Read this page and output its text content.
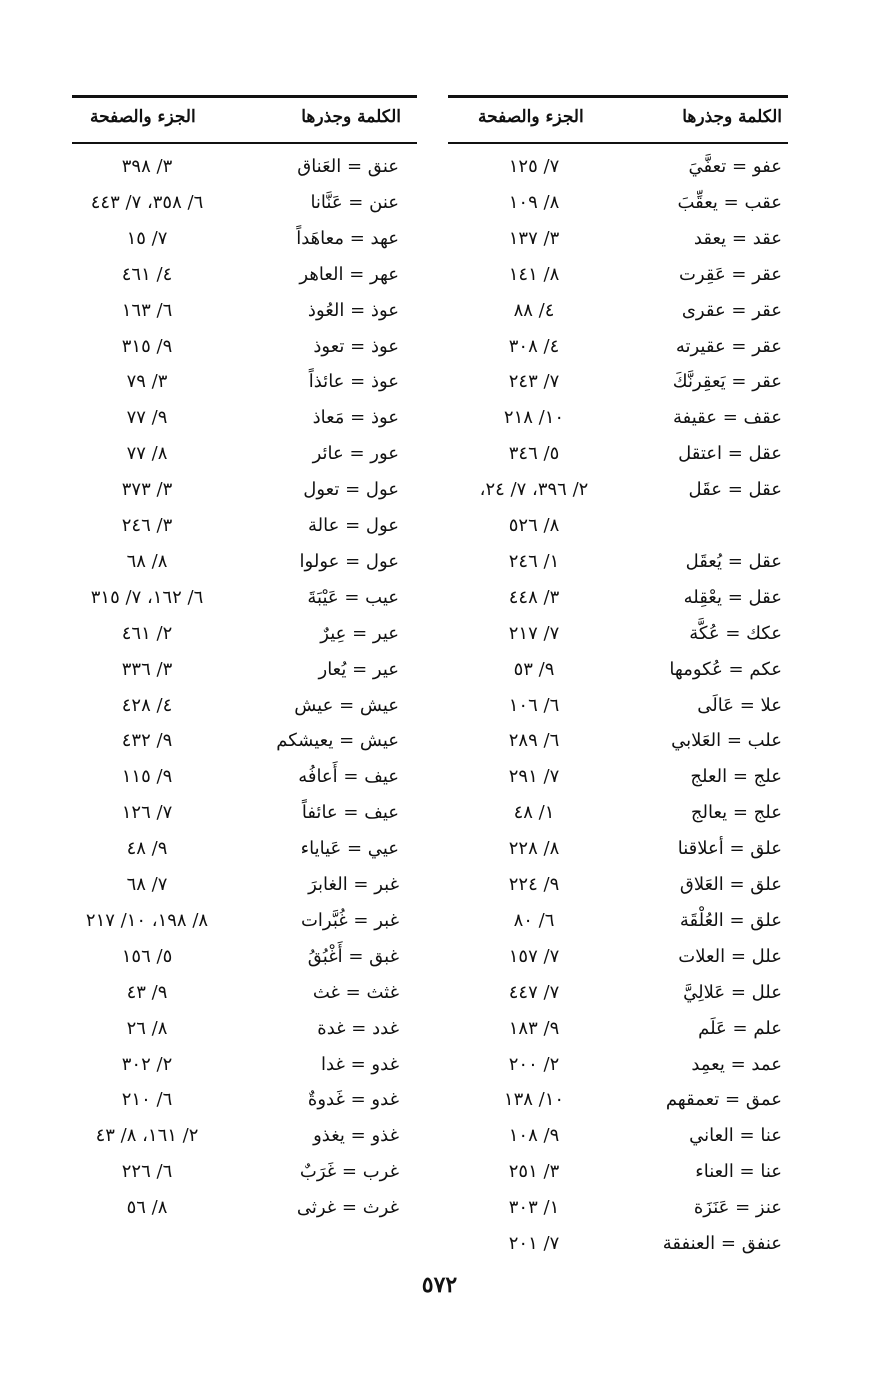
الكلمة وجذرها
الجزء والصفحة
عفو = تعفَّيَ
٧/ ١٢٥
عقب = يعقِّبَ
٨/ ١٠٩
عقد = يعقد
٣/ ١٣٧
عقر = عَقِرت
٨/ ١٤١
عقر = عقرى
٤/ ٨٨
عقر = عقيرته
٤/ ٣٠٨
عقر = يَعقِرنَّكَ
٧/ ٢٤٣
عقف = عقيفة
١٠/ ٢١٨
عقل = اعتقل
٥/ ٣٤٦
عقل = عقَل
٢/ ٣٩٦، ٧/ ٢٤،
٨/ ٥٢٦
عقل = يُعقَل
١/ ٢٤٦
عقل = يعْقِله
٣/ ٤٤٨
عكك = عُكَّة
٧/ ٢١٧
عكم = عُكومها
٩/ ٥٣
علا = عَالَى
٦/ ١٠٦
علب = العَلابي
٦/ ٢٨٩
علج = العلج
٧/ ٢٩١
علج = يعالج
١/ ٤٨
علق = أعلاقنا
٨/ ٢٢٨
علق = العَلاق
٩/ ٢٢٤
علق = العُلْقَة
٦/ ٨٠
علل = العلات
٧/ ١٥٧
علل = عَلالِيَّ
٧/ ٤٤٧
علم = عَلَم
٩/ ١٨٣
عمد = يعمِد
٢/ ٢٠٠
عمق = تعمقهم
١٠/ ١٣٨
عنا = العاني
٩/ ١٠٨
عنا = العناء
٣/ ٢٥١
عنز = عَنَزَة
١/ ٣٠٣
عنفق = العنفقة
٧/ ٢٠١
الكلمة وجذرها
الجزء والصفحة
عنق = العَناق
٣/ ٣٩٨
عنن = عَنَّانا
٦/ ٣٥٨، ٧/ ٤٤٣
عهد = معاهَداً
٧/ ١٥
عهر = العاهر
٤/ ٤٦١
عوذ = العُوذ
٦/ ١٦٣
عوذ = تعوذ
٩/ ٣١٥
عوذ = عائذاً
٣/ ٧٩
عوذ = مَعاذ
٩/ ٧٧
عور = عائر
٨/ ٧٧
عول = تعول
٣/ ٣٧٣
عول = عالة
٣/ ٢٤٦
عول = عولوا
٨/ ٦٨
عيب = عَيْبَةَ
٦/ ١٦٢، ٧/ ٣١٥
عير = عِيرٌ
٢/ ٤٦١
عير = يُعار
٣/ ٣٣٦
عيش = عيش
٤/ ٤٢٨
عيش = يعيشكم
٩/ ٤٣٢
عيف = أَعافُه
٩/ ١١٥
عيف = عائفاً
٧/ ١٢٦
عيي = عَياياء
٩/ ٤٨
غبر = الغابرَ
٧/ ٦٨
غبر = غُبَّرات
٨/ ١٩٨، ١٠/ ٢١٧
غبق = أَغْبُقُ
٥/ ١٥٦
غثث = غث
٩/ ٤٣
غدد = غدة
٨/ ٢٦
غدو = غدا
٢/ ٣٠٢
غدو = غَدوةٌ
٦/ ٢١٠
غذو = يغذو
٢/ ١٦١، ٨/ ٤٣
غرب = غَرَبٌ
٦/ ٢٢٦
غرث = غرثى
٨/ ٥٦
٥٧٢
